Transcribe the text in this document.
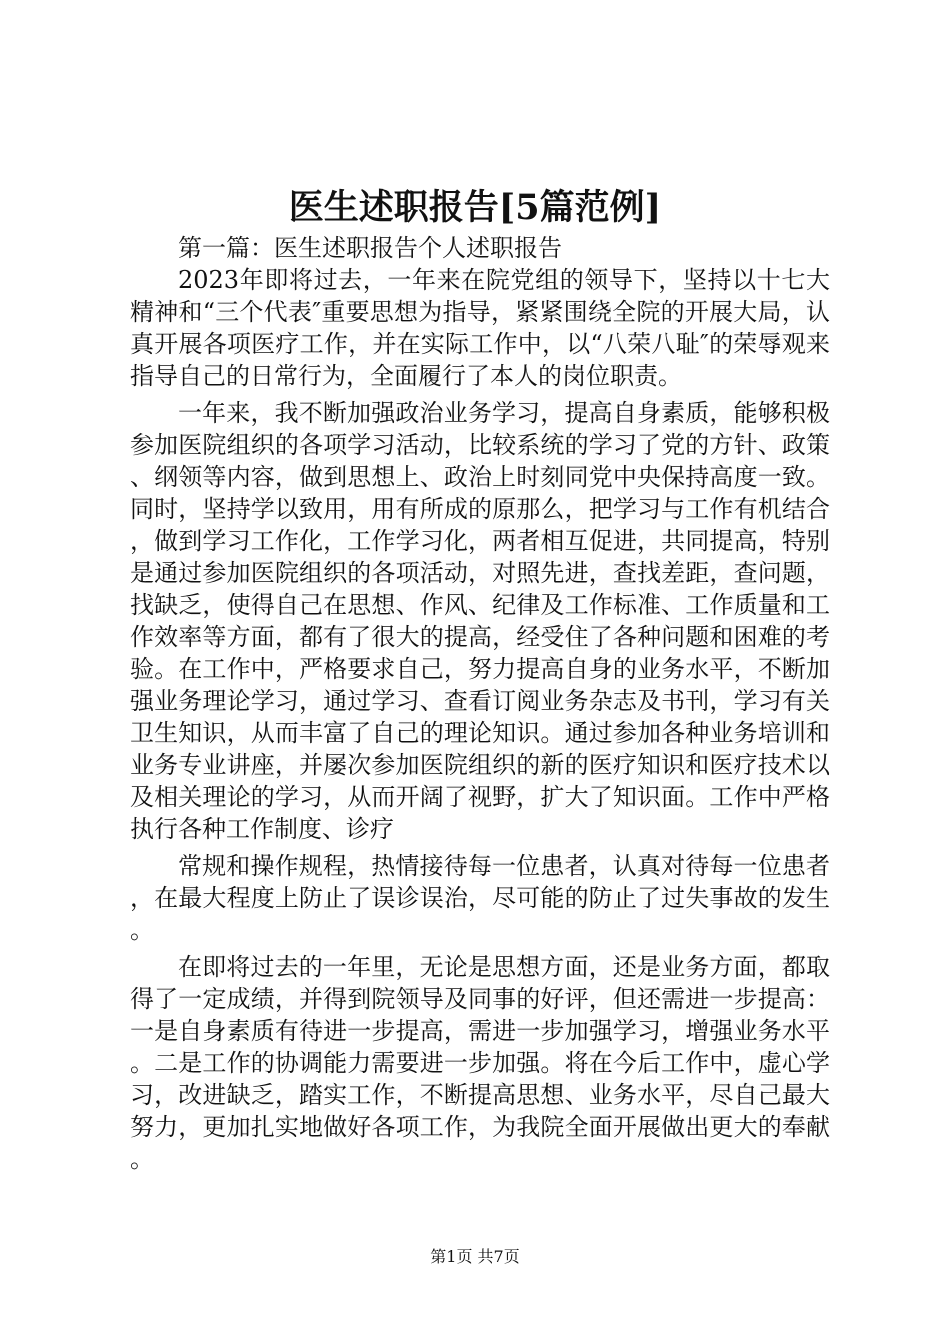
医生述职报告[5篇范例]

第一篇：医生述职报告个人述职报告

2023年即将过去，一年来在院党组的领导下，坚持以十七大精神和“三个代表″重要思想为指导，紧紧围绕全院的开展大局，认真开展各项医疗工作，并在实际工作中，以“八荣八耻″的荣辱观来指导自己的日常行为，全面履行了本人的岗位职责。

一年来，我不断加强政治业务学习，提高自身素质，能够积极参加医院组织的各项学习活动，比较系统的学习了党的方针、政策、纲领等内容，做到思想上、政治上时刻同党中央保持高度一致。同时，坚持学以致用，用有所成的原那么，把学习与工作有机结合，做到学习工作化，工作学习化，两者相互促进，共同提高，特别是通过参加医院组织的各项活动，对照先进，查找差距，查问题，找缺乏，使得自己在思想、作风、纪律及工作标准、工作质量和工作效率等方面，都有了很大的提高，经受住了各种问题和困难的考验。在工作中，严格要求自己，努力提高自身的业务水平，不断加强业务理论学习，通过学习、查看订阅业务杂志及书刊，学习有关卫生知识，从而丰富了自己的理论知识。通过参加各种业务培训和业务专业讲座，并屡次参加医院组织的新的医疗知识和医疗技术以及相关理论的学习，从而开阔了视野，扩大了知识面。工作中严格执行各种工作制度、诊疗

常规和操作规程，热情接待每一位患者，认真对待每一位患者，在最大程度上防止了误诊误治，尽可能的防止了过失事故的发生。

在即将过去的一年里，无论是思想方面，还是业务方面，都取得了一定成绩，并得到院领导及同事的好评，但还需进一步提高：一是自身素质有待进一步提高，需进一步加强学习，增强业务水平。二是工作的协调能力需要进一步加强。将在今后工作中，虚心学习，改进缺乏，踏实工作，不断提高思想、业务水平，尽自己最大努力，更加扎实地做好各项工作，为我院全面开展做出更大的奉献。

第1页 共7页
